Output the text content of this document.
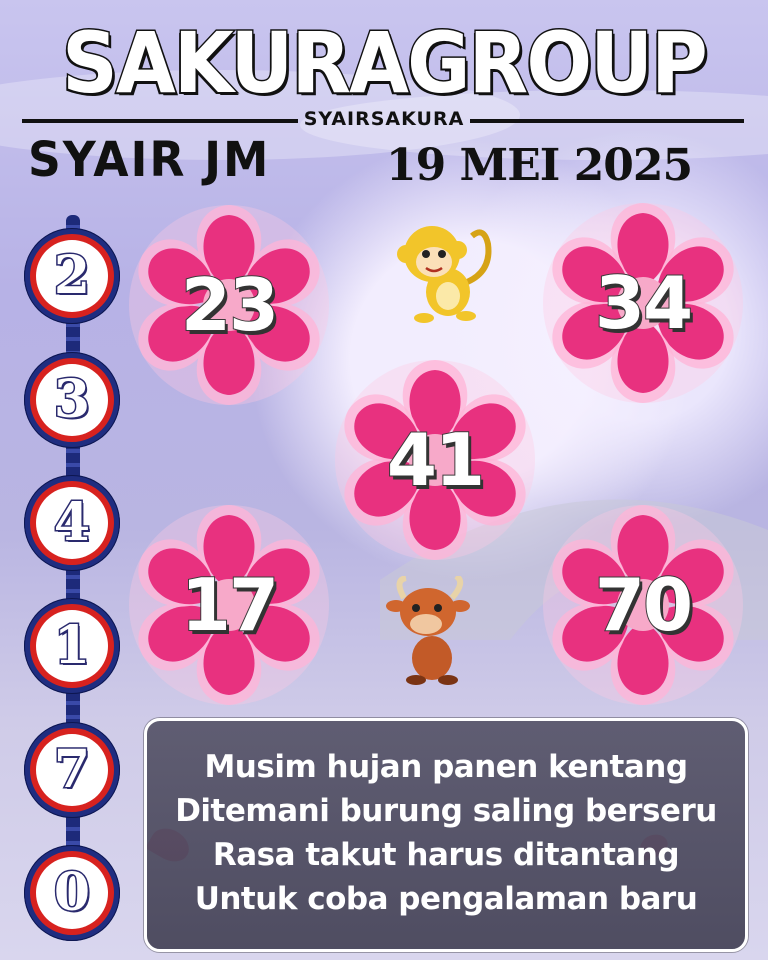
SAKURAGROUP
SYAIRSAKURA
SYAIR JM	19 MEI 2025
2
3
4
1
7
0
23	34
41
17	70
Musim hujan panen kentang
Ditemani burung saling berseru
Rasa takut harus ditantang
Untuk coba pengalaman baru
